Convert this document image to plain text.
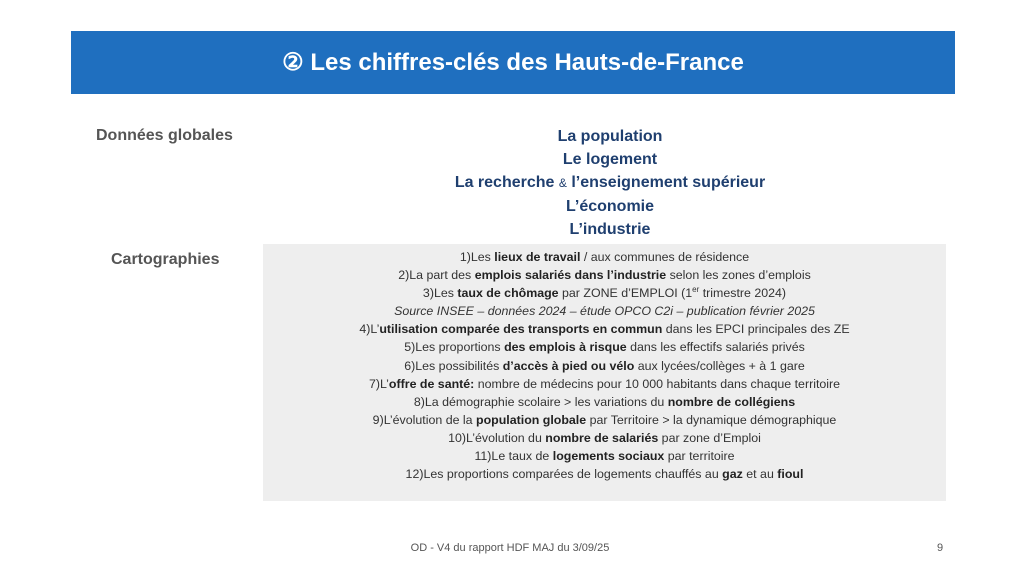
② Les chiffres-clés des Hauts-de-France
Données globales
Cartographies
La population
Le logement
La recherche & l’enseignement supérieur
L’économie
L’industrie
1)Les lieux de travail / aux communes de résidence
2)La part des emplois salariés dans l’industrie selon les zones d’emplois
3)Les taux de chômage par ZONE d’EMPLOI (1er trimestre 2024)
Source INSEE – données 2024 – étude OPCO C2i – publication février 2025
4)L’utilisation comparée des transports en commun dans les EPCI principales des ZE
5)Les proportions des emplois à risque dans les effectifs salariés privés
6)Les possibilités d’accès à pied ou vélo aux lycées/collèges + à 1 gare
7)L’offre de santé: nombre de médecins pour 10 000 habitants dans chaque territoire
8)La démographie scolaire > les variations du nombre de collégiens
9)L’évolution de la population globale par Territoire > la dynamique démographique
10)L’évolution du nombre de salariés par zone d’Emploi
11)Le taux de logements sociaux par territoire
12)Les proportions comparées de logements chauffés au gaz et au fioul
OD - V4 du rapport HDF MAJ du 3/09/25	9
